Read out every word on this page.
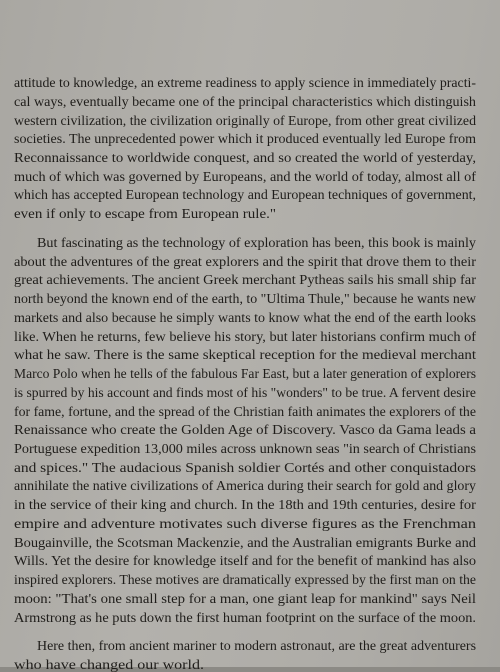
attitude to knowledge, an extreme readiness to apply science in immediately practi-
cal ways, eventually became one of the principal characteristics which distinguish
western civilization, the civilization originally of Europe, from other great civilized
societies. The unprecedented power which it produced eventually led Europe from
Reconnaissance to worldwide conquest, and so created the world of yesterday,
much of which was governed by Europeans, and the world of today, almost all of
which has accepted European technology and European techniques of government,
even if only to escape from European rule."
But fascinating as the technology of exploration has been, this book is mainly
about the adventures of the great explorers and the spirit that drove them to their
great achievements. The ancient Greek merchant Pytheas sails his small ship far
north beyond the known end of the earth, to "Ultima Thule," because he wants new
markets and also because he simply wants to know what the end of the earth looks
like. When he returns, few believe his story, but later historians confirm much of
what he saw. There is the same skeptical reception for the medieval merchant
Marco Polo when he tells of the fabulous Far East, but a later generation of explorers
is spurred by his account and finds most of his "wonders" to be true. A fervent desire
for fame, fortune, and the spread of the Christian faith animates the explorers of the
Renaissance who create the Golden Age of Discovery. Vasco da Gama leads a
Portuguese expedition 13,000 miles across unknown seas "in search of Christians
and spices." The audacious Spanish soldier Cortés and other conquistadors
annihilate the native civilizations of America during their search for gold and glory
in the service of their king and church. In the 18th and 19th centuries, desire for
empire and adventure motivates such diverse figures as the Frenchman
Bougainville, the Scotsman Mackenzie, and the Australian emigrants Burke and
Wills. Yet the desire for knowledge itself and for the benefit of mankind has also
inspired explorers. These motives are dramatically expressed by the first man on the
moon: "That's one small step for a man, one giant leap for mankind" says Neil
Armstrong as he puts down the first human footprint on the surface of the moon.
Here then, from ancient mariner to modern astronaut, are the great adventurers
who have changed our world.
